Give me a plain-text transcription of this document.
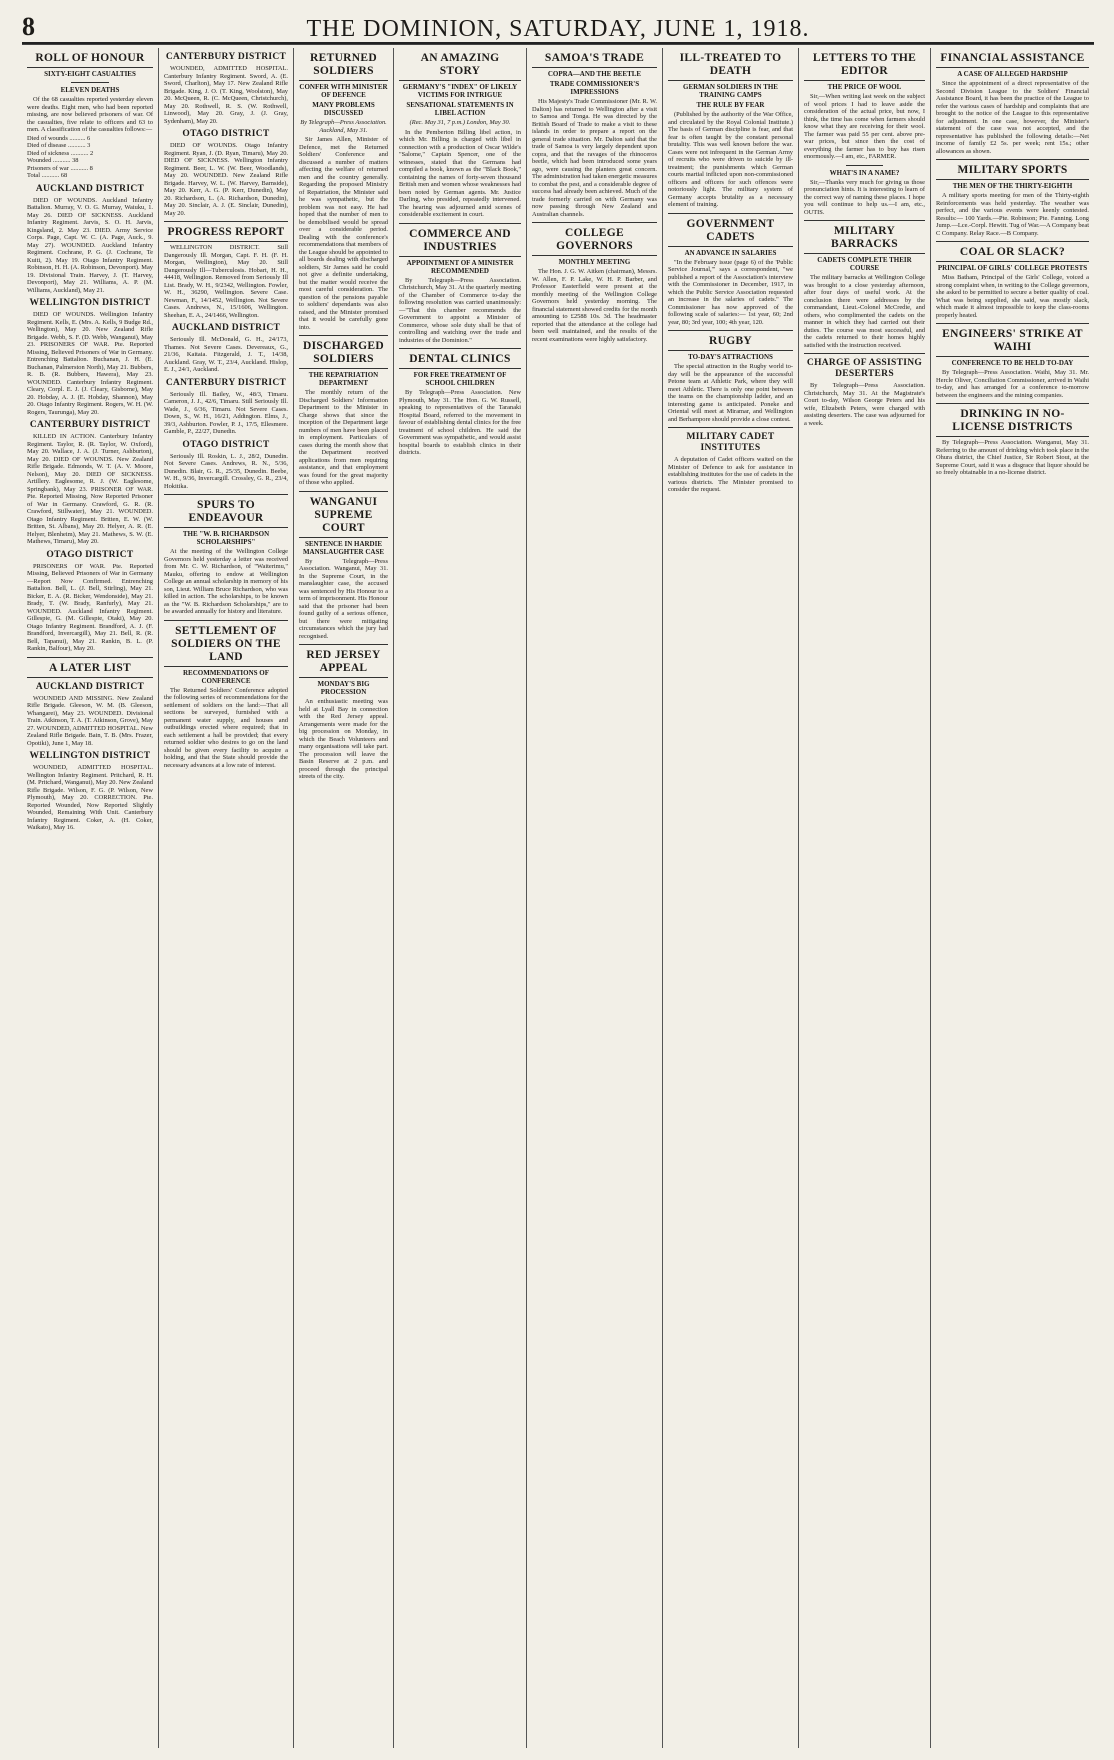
8	THE DOMINION, SATURDAY, JUNE 1, 1918.
ROLL OF HONOUR
SIXTY-EIGHT CASUALTIES
ELEVEN DEATHS

Of the 68 casualties reported yesterday eleven were deaths. Eight men, who had been reported missing, are now believed prisoners of war. Of the casualties, five relate to officers and 63 to men. A classification of the casualties follows:—

Died of wounds .......... 6

Died of disease ........... 3

Died of sickness ........... 2

Wounded ........... 38

Prisoners of war ........... 8

Total ........... 68

AUCKLAND DISTRICT

DIED OF WOUNDS. Auckland Infantry Battalion. Murray, V. O. G. Murray, Waiuku, 1. May 26. DIED OF SICKNESS. Auckland Infantry Regiment. Jarvis, S. O. H. Jarvis, Kingsland, 2. May 23. DIED. Army Service Corps. Page, Capt. W. C. (A. Page, Auck., 9. May 27). WOUNDED. Auckland Infantry Regiment. Cochrane, P. G. (J. Cochrane, Te Kuiti, 2). May 19. Otago Infantry Regiment. Robinson, H. H. (A. Robinson, Devonport). May 19. Divisional Train. Harvey, J. (T. Harvey, Devonport), May 21. Williams, A. P. (M. Williams, Auckland), May 21.

WELLINGTON DISTRICT

DIED OF WOUNDS. Wellington Infantry Regiment. Kells, E. (Mrs. A. Kells, 9 Budge Rd., Wellington), May 20. New Zealand Rifle Brigade. Webb, S. F. (D. Webb, Wanganui), May 23. PRISONERS OF WAR. Pte. Reported Missing, Believed Prisoners of War in Germany. Entrenching Battalion. Buchanan, J. H. (E. Buchanan, Palmerston North), May 21. Bubbers, R. B. (R. Bubbers, Hawera), May 23. WOUNDED. Canterbury Infantry Regiment. Cleary, Corpl. E. J. (J. Cleary, Gisborne), May 20. Hobday, A. J. (E. Hobday, Shannon), May 20. Otago Infantry Regiment. Rogers, W. H. (W. Rogers, Taurunga), May 20.

CANTERBURY DISTRICT

KILLED IN ACTION. Canterbury Infantry Regiment. Taylor, R. (R. Taylor, W. Oxford), May 20. Wallace, J. A. (J. Turner, Ashburton), May 20. DIED OF WOUNDS. New Zealand Rifle Brigade. Edmonds, W. T. (A. V. Moore, Nelson), May 20. DIED OF SICKNESS. Artillery. Eaglesome, R. J. (W. Eaglesome, Springbank), May 23. PRISONER OF WAR. Pte. Reported Missing, Now Reported Prisoner of War in Germany. Crawford, G. R. (R. Crawford, Stillwater), May 21. WOUNDED. Otago Infantry Regiment. Britten, E. W. (W. Britten, St. Albans), May 20. Helyer, A. R. (E. Helyer, Blenheim), May 21. Mathews, S. W. (E. Mathews, Timaru), May 20.

OTAGO DISTRICT

PRISONERS OF WAR. Pte. Reported Missing, Believed Prisoners of War in Germany—Report Now Confirmed. Entrenching Battalion. Bell, L. (J. Bell, Stirling), May 21. Bicker, E. A. (R. Bicker, Wendonside), May 21. Brady, T. (W. Brady, Ranfurly), May 21. WOUNDED. Auckland Infantry Regiment. Gillespie, G. (M. Gillespie, Otaki), May 20. Otago Infantry Regiment. Brandford, A. J. (F. Brandford, Invercargill), May 21. Bell, R. (R. Bell, Tapanui), May 21. Rankin, B. L. (P. Rankin, Balfour), May 20.

A LATER LIST
AUCKLAND DISTRICT

WOUNDED AND MISSING. New Zealand Rifle Brigade. Gleeson, W. M. (B. Gleeson, Whangarei), May 23. WOUNDED. Divisional Train. Atkinson, T. A. (T. Atkinson, Grove), May 27. WOUNDED, ADMITTED HOSPITAL. New Zealand Rifle Brigade. Bain, T. B. (Mrs. Frazer, Opotiki), June 1, May 18.

WELLINGTON DISTRICT

WOUNDED, ADMITTED HOSPITAL. Wellington Infantry Regiment. Pritchard, R. H. (M. Pritchard, Wanganui), May 20. New Zealand Rifle Brigade. Wilson, F. G. (P. Wilson, New Plymouth), May 20. CORRECTION. Pte. Reported Wounded, Now Reported Slightly Wounded, Remaining With Unit. Canterbury Infantry Regiment. Coker, A. (H. Coker, Waikato), May 16.

CANTERBURY DISTRICT

WOUNDED, ADMITTED HOSPITAL. Canterbury Infantry Regiment. Sword, A. (E. Sword, Charlton), May 17. New Zealand Rifle Brigade. King, J. O. (T. King, Woolston), May 20. McQueen, R. (C. McQueen, Christchurch), May 20. Rothwell, R. S. (W. Rothwell, Linwood), May 20. Gray, J. (J. Gray, Sydenham), May 20.

OTAGO DISTRICT

DIED OF WOUNDS. Otago Infantry Regiment. Ryan, J. (D. Ryan, Timaru), May 20. DIED OF SICKNESS. Wellington Infantry Regiment. Beer, L. W. (W. Beer, Woodlands), May 20. WOUNDED. New Zealand Rifle Brigade. Harvey, W. L. (W. Harvey, Barnside), May 20. Kerr, A. G. (P. Kerr, Dunedin), May 20. Richardson, L. (A. Richardson, Dunedin), May 20. Sinclair, A. J. (E. Sinclair, Dunedin), May 20.

PROGRESS REPORT

WELLINGTON DISTRICT. Still Dangerously Ill. Morgan, Capt. F. H. (F. H. Morgan, Wellington), May 20. Still Dangerously Ill—Tuberculosis. Hobart, H. H., 44418, Wellington. Removed from Seriously Ill List. Brady, W. H., 9/2342, Wellington. Fowler, W. H., 36290, Wellington. Severe Case. Newman, F., 14/1452, Wellington. Not Severe Cases. Andrews, N., 15/1606, Wellington. Sheehan, E. A., 24/1466, Wellington.

AUCKLAND DISTRICT

Seriously Ill. McDonald, G. H., 24/173, Thames. Not Severe Cases. Devereaux, G., 21/36, Kaitaia. Fitzgerald, J. T., 14/38, Auckland. Gray, W. T., 23/4, Auckland. Hislop, E. J., 24/1, Auckland.

CANTERBURY DISTRICT

Seriously Ill. Bailey, W., 48/3, Timaru. Cameron, J. J., 42/6, Timaru. Still Seriously Ill. Wade, J., 6/36, Timaru. Not Severe Cases. Down, S., W. H., 16/21, Addington. Elms, J., 39/3, Ashburton. Fowler, P. J., 17/5, Ellesmere. Gamble, P., 22/27, Dunedin.

OTAGO DISTRICT

Seriously Ill. Roskin, L. J., 28/2, Dunedin. Not Severe Cases. Andrews, R. N., 5/36, Dunedin. Blair, G. R., 25/35, Dunedin. Beebe, W. H., 9/36, Invercargill. Crossley, G. R., 23/4, Hokitika.

SPURS TO ENDEAVOUR
THE "W. B. RICHARDSON SCHOLARSHIPS"

At the meeting of the Wellington College Governors held yesterday a letter was received from Mr. C. W. Richardson, of "Waiterimu," Mauku, offering to endow at Wellington College an annual scholarship in memory of his son, Lieut. William Bruce Richardson, who was killed in action. The scholarships, to be known as the "W. B. Richardson Scholarships," are to be awarded annually for history and literature.

SETTLEMENT OF SOLDIERS ON THE LAND
RECOMMENDATIONS OF CONFERENCE

The Returned Soldiers' Conference adopted the following series of recommendations for the settlement of soldiers on the land:—That all sections be surveyed, furnished with a permanent water supply, and houses and outbuildings erected where required; that in each settlement a hall be provided; that every returned soldier who desires to go on the land should be given every facility to acquire a holding, and that the State should provide the necessary advances at a low rate of interest.

RETURNED SOLDIERS
CONFER WITH MINISTER OF DEFENCE
MANY PROBLEMS DISCUSSED
By Telegraph—Press Association. Auckland, May 31.

Sir James Allen, Minister of Defence, met the Returned Soldiers' Conference and discussed a number of matters affecting the welfare of returned men and the country generally. Regarding the proposed Ministry of Repatriation, the Minister said he was sympathetic, but the problem was not easy. He had hoped that the number of men to be demobilised would be spread over a considerable period. Dealing with the conference's recommendations that members of the League should be appointed to all boards dealing with discharged soldiers, Sir James said he could not give a definite undertaking, but the matter would receive the most careful consideration. The question of the pensions payable to soldiers' dependants was also raised, and the Minister promised that it would be carefully gone into.

DISCHARGED SOLDIERS
THE REPATRIATION DEPARTMENT

The monthly return of the Discharged Soldiers' Information Department to the Minister in Charge shows that since the inception of the Department large numbers of men have been placed in employment. Particulars of cases during the month show that the Department received applications from men requiring assistance, and that employment was found for the great majority of those who applied.

WANGANUI SUPREME COURT
SENTENCE IN HARDIE MANSLAUGHTER CASE

By Telegraph—Press Association. Wanganui, May 31. In the Supreme Court, in the manslaughter case, the accused was sentenced by His Honour to a term of imprisonment. His Honour said that the prisoner had been found guilty of a serious offence, but there were mitigating circumstances which the jury had recognised.

RED JERSEY APPEAL
MONDAY'S BIG PROCESSION

An enthusiastic meeting was held at Lyall Bay in connection with the Red Jersey appeal. Arrangements were made for the big procession on Monday, in which the Beach Volunteers and many organisations will take part. The procession will leave the Basin Reserve at 2 p.m. and proceed through the principal streets of the city.

AN AMAZING STORY
GERMANY'S "INDEX" OF LIKELY VICTIMS FOR INTRIGUE
SENSATIONAL STATEMENTS IN LIBEL ACTION
(Rec. May 31, 7 p.m.) London, May 30.

In the Pemberton Billing libel action, in which Mr. Billing is charged with libel in connection with a production of Oscar Wilde's "Salome," Captain Spencer, one of the witnesses, stated that the Germans had compiled a book, known as the "Black Book," containing the names of forty-seven thousand British men and women whose weaknesses had been noted by German agents. Mr. Justice Darling, who presided, repeatedly intervened. The hearing was adjourned amid scenes of considerable excitement in court.

COMMERCE AND INDUSTRIES
APPOINTMENT OF A MINISTER RECOMMENDED

By Telegraph—Press Association. Christchurch, May 31. At the quarterly meeting of the Chamber of Commerce to-day the following resolution was carried unanimously:—"That this chamber recommends the Government to appoint a Minister of Commerce, whose sole duty shall be that of controlling and watching over the trade and industries of the Dominion."

DENTAL CLINICS
FOR FREE TREATMENT OF SCHOOL CHILDREN

By Telegraph—Press Association. New Plymouth, May 31. The Hon. G. W. Russell, speaking to representatives of the Taranaki Hospital Board, referred to the movement in favour of establishing dental clinics for the free treatment of school children. He said the Government was sympathetic, and would assist hospital boards to establish clinics in their districts.

SAMOA'S TRADE
COPRA—AND THE BEETLE
TRADE COMMISSIONER'S IMPRESSIONS

His Majesty's Trade Commissioner (Mr. R. W. Dalton) has returned to Wellington after a visit to Samoa and Tonga. He was directed by the British Board of Trade to make a visit to these islands in order to prepare a report on the general trade situation. Mr. Dalton said that the trade of Samoa is very largely dependent upon copra, and that the ravages of the rhinoceros beetle, which had been introduced some years ago, were causing the planters great concern. The administration had taken energetic measures to combat the pest, and a considerable degree of success had already been achieved. Much of the trade formerly carried on with Germany was now passing through New Zealand and Australian channels.

COLLEGE GOVERNORS
MONTHLY MEETING

The Hon. J. G. W. Aitken (chairman), Messrs. W. Allen, F. P. Lake, W. H. P. Barber, and Professor Easterfield were present at the monthly meeting of the Wellington College Governors held yesterday morning. The financial statement showed credits for the month amounting to £2588 10s. 3d. The headmaster reported that the attendance at the college had been well maintained, and the results of the recent examinations were highly satisfactory.

ILL-TREATED TO DEATH
GERMAN SOLDIERS IN THE TRAINING CAMPS
THE RULE BY FEAR

(Published by the authority of the War Office, and circulated by the Royal Colonial Institute.) The basis of German discipline is fear, and that fear is often taught by the constant personal brutality. This was well known before the war. Cases were not infrequent in the German Army of recruits who were driven to suicide by ill-treatment; the punishments which German courts martial inflicted upon non-commissioned officers and officers for such offences were notoriously light. The military system of Germany accepts brutality as a necessary element of training.

GOVERNMENT CADETS
AN ADVANCE IN SALARIES

"In the February issue (page 6) of the 'Public Service Journal,'" says a correspondent, "we published a report of the Association's interview with the Commissioner in December, 1917, in which the Public Service Association requested an increase in the salaries of cadets." The Commissioner has now approved of the following scale of salaries:— 1st year, 60; 2nd year, 80; 3rd year, 100; 4th year, 120.

RUGBY
TO-DAY'S ATTRACTIONS

The special attraction in the Rugby world to-day will be the appearance of the successful Petone team at Athletic Park, where they will meet Athletic. There is only one point between the teams on the championship ladder, and an interesting game is anticipated. Poneke and Oriental will meet at Miramar, and Wellington and Berhampore should provide a close contest.

MILITARY CADET INSTITUTES

A deputation of Cadet officers waited on the Minister of Defence to ask for assistance in establishing institutes for the use of cadets in the various districts. The Minister promised to consider the request.

LETTERS TO THE EDITOR
THE PRICE OF WOOL

Sir,—When writing last week on the subject of wool prices I had to leave aside the consideration of the actual price, but now, I think, the time has come when farmers should know what they are receiving for their wool. The farmer was paid 55 per cent. above pre-war prices, but since then the cost of everything the farmer has to buy has risen enormously.—I am, etc., FARMER.

WHAT'S IN A NAME?

Sir,—Thanks very much for giving us those pronunciation hints. It is interesting to learn of the correct way of naming these places. I hope you will continue to help us.—I am, etc., OUTIS.

MILITARY BARRACKS
CADETS COMPLETE THEIR COURSE

The military barracks at Wellington College was brought to a close yesterday afternoon, after four days of useful work. At the conclusion there were addresses by the commandant, Lieut.-Colonel McCredie, and others, who complimented the cadets on the manner in which they had carried out their duties. The course was most successful, and the cadets returned to their homes highly satisfied with the instruction received.

CHARGE OF ASSISTING DESERTERS

By Telegraph—Press Association. Christchurch, May 31. At the Magistrate's Court to-day, Wilson George Peters and his wife, Elizabeth Peters, were charged with assisting deserters. The case was adjourned for a week.

FINANCIAL ASSISTANCE
A CASE OF ALLEGED HARDSHIP

Since the appointment of a direct representative of the Second Division League to the Soldiers' Financial Assistance Board, it has been the practice of the League to refer the various cases of hardship and complaints that are brought to the notice of the League to this representative for adjustment. In one case, however, the Minister's statement of the case was not accepted, and the representative has published the following details:—Net income of family £2 5s. per week; rent 15s.; other allowances as shown.

MILITARY SPORTS
THE MEN OF THE THIRTY-EIGHTH

A military sports meeting for men of the Thirty-eighth Reinforcements was held yesterday. The weather was perfect, and the various events were keenly contested. Results:— 100 Yards.—Pte. Robinson; Pte. Fanning. Long Jump.—Lce.-Corpl. Hewitt. Tug of War.—A Company beat C Company. Relay Race.—B Company.

COAL OR SLACK?
PRINCIPAL OF GIRLS' COLLEGE PROTESTS

Miss Batham, Principal of the Girls' College, voiced a strong complaint when, in writing to the College governors, she asked to be permitted to secure a better quality of coal. What was being supplied, she said, was mostly slack, which made it almost impossible to keep the class-rooms properly heated.

ENGINEERS' STRIKE AT WAIHI
CONFERENCE TO BE HELD TO-DAY

By Telegraph—Press Association. Waihi, May 31. Mr. Hercle Oliver, Conciliation Commissioner, arrived in Waihi to-day, and has arranged for a conference to-morrow between the engineers and the mining companies.

DRINKING IN NO-LICENSE DISTRICTS

By Telegraph—Press Association. Wanganui, May 31. Referring to the amount of drinking which took place in the Ohura district, the Chief Justice, Sir Robert Stout, at the Supreme Court, said it was a disgrace that liquor should be so freely obtainable in a no-license district.
